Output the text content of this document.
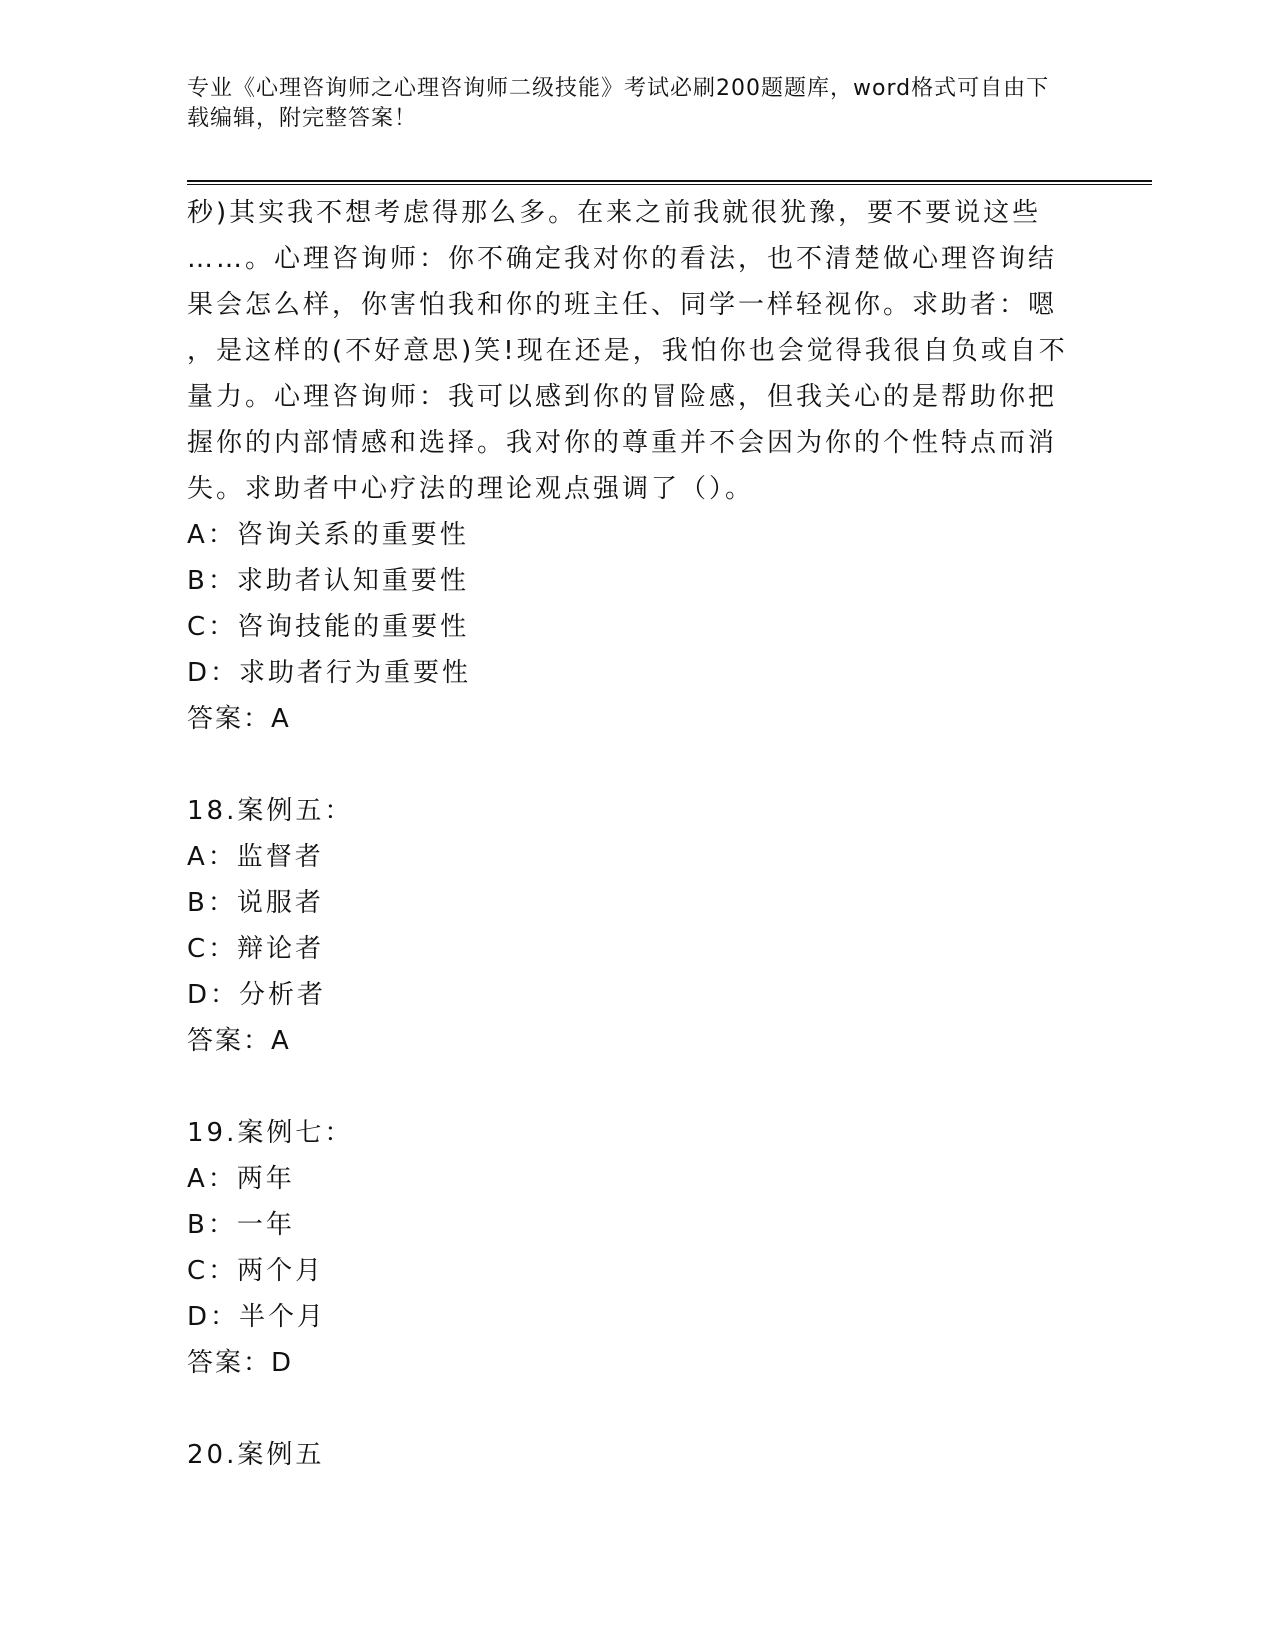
专业《心理咨询师之心理咨询师二级技能》考试必刷200题题库，word格式可自由下载编辑，附完整答案！
秒)其实我不想考虑得那么多。在来之前我就很犹豫，要不要说这些
……。心理咨询师：你不确定我对你的看法，也不清楚做心理咨询结
果会怎么样，你害怕我和你的班主任、同学一样轻视你。求助者：嗯
，是这样的(不好意思)笑!现在还是，我怕你也会觉得我很自负或自不
量力。心理咨询师：我可以感到你的冒险感，但我关心的是帮助你把
握你的内部情感和选择。我对你的尊重并不会因为你的个性特点而消
失。求助者中心疗法的理论观点强调了（）。
A：咨询关系的重要性
B：求助者认知重要性
C：咨询技能的重要性
D：求助者行为重要性
答案：A
18.案例五：
A：监督者
B：说服者
C：辩论者
D：分析者
答案：A
19.案例七：
A：两年
B：一年
C：两个月
D：半个月
答案：D
20.案例五
